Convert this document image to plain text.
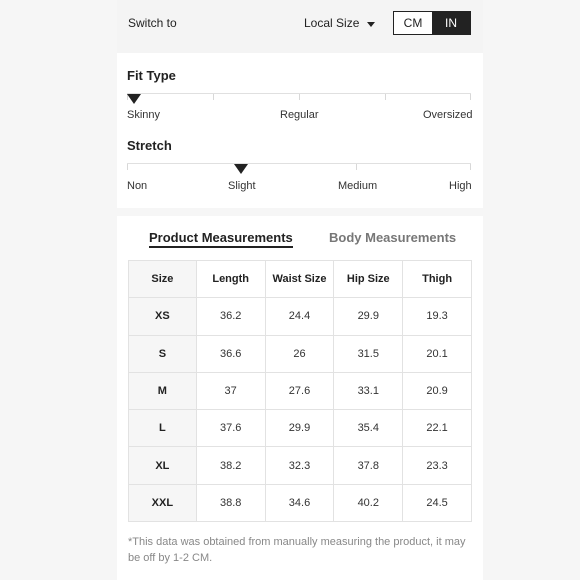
Switch to	Local Size	CM	IN
Fit Type
Skinny	Regular	Oversized
Stretch
Non	Slight	Medium	High
Product Measurements	Body Measurements
Size	Length	Waist Size	Hip Size	Thigh
XS	36.2	24.4	29.9	19.3
S	36.6	26	31.5	20.1
M	37	27.6	33.1	20.9
L	37.6	29.9	35.4	22.1
XL	38.2	32.3	37.8	23.3
XXL	38.8	34.6	40.2	24.5

*This data was obtained from manually measuring the product, it may be off by 1-2 CM.
